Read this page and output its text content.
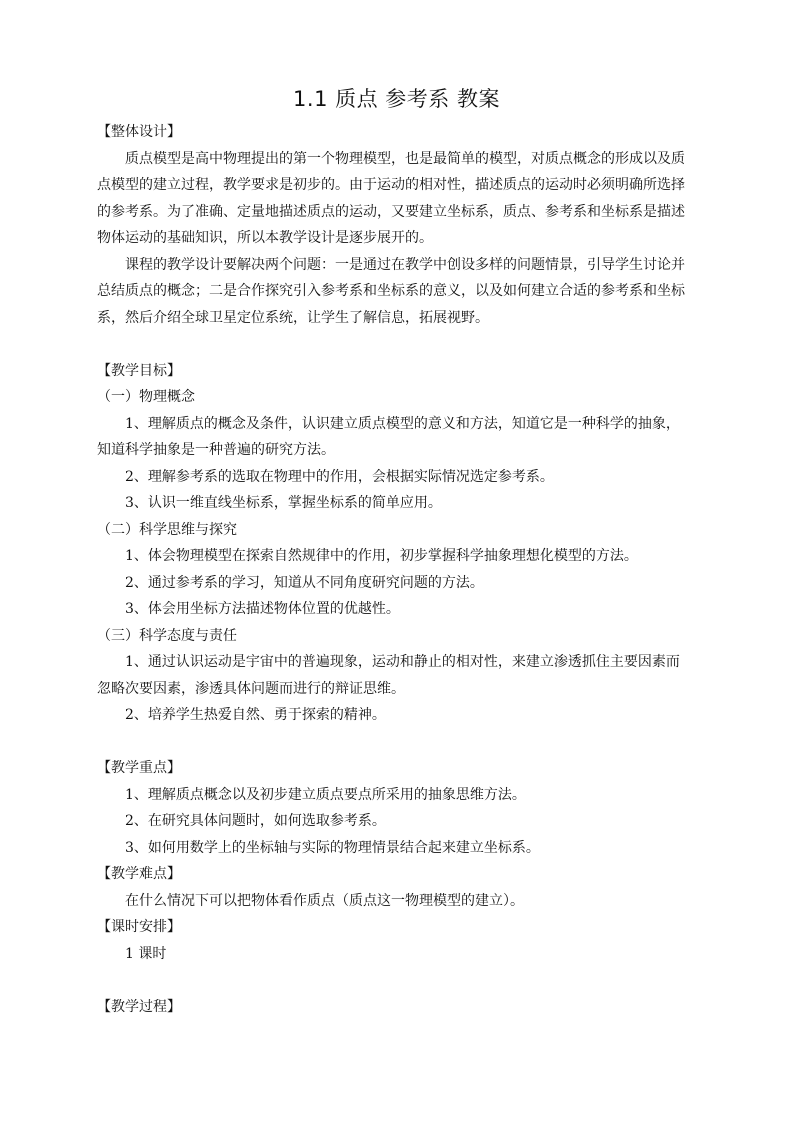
1.1 质点 参考系 教案

【整体设计】

质点模型是高中物理提出的第一个物理模型，也是最简单的模型，对质点概念的形成以及质点模型的建立过程，教学要求是初步的。由于运动的相对性，描述质点的运动时必须明确所选择的参考系。为了准确、定量地描述质点的运动，又要建立坐标系，质点、参考系和坐标系是描述物体运动的基础知识，所以本教学设计是逐步展开的。

课程的教学设计要解决两个问题：一是通过在教学中创设多样的问题情景，引导学生讨论并总结质点的概念；二是合作探究引入参考系和坐标系的意义，以及如何建立合适的参考系和坐标系，然后介绍全球卫星定位系统，让学生了解信息，拓展视野。

【教学目标】

（一）物理概念

1、理解质点的概念及条件，认识建立质点模型的意义和方法，知道它是一种科学的抽象，知道科学抽象是一种普遍的研究方法。

2、理解参考系的选取在物理中的作用，会根据实际情况选定参考系。

3、认识一维直线坐标系，掌握坐标系的简单应用。

（二）科学思维与探究

1、体会物理模型在探索自然规律中的作用，初步掌握科学抽象理想化模型的方法。

2、通过参考系的学习，知道从不同角度研究问题的方法。

3、体会用坐标方法描述物体位置的优越性。

（三）科学态度与责任

1、通过认识运动是宇宙中的普遍现象，运动和静止的相对性，来建立渗透抓住主要因素而忽略次要因素，渗透具体问题而进行的辩证思维。

2、培养学生热爱自然、勇于探索的精神。

【教学重点】

1、理解质点概念以及初步建立质点要点所采用的抽象思维方法。

2、在研究具体问题时，如何选取参考系。

3、如何用数学上的坐标轴与实际的物理情景结合起来建立坐标系。

【教学难点】

在什么情况下可以把物体看作质点（质点这一物理模型的建立）。

【课时安排】

1 课时

【教学过程】
